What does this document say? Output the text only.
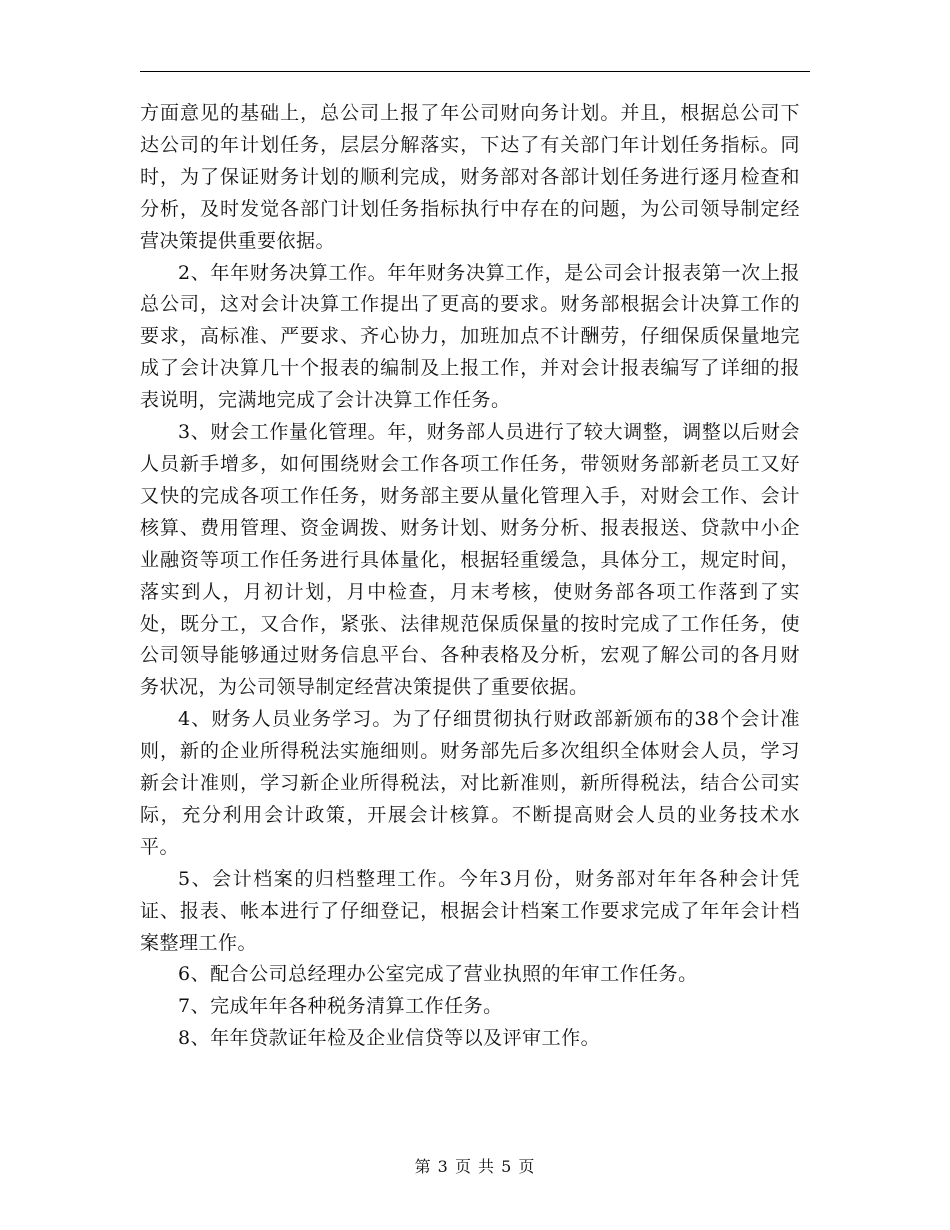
方面意见的基础上，总公司上报了年公司财向务计划。并且，根据总公司下达公司的年计划任务，层层分解落实，下达了有关部门年计划任务指标。同时，为了保证财务计划的顺利完成，财务部对各部计划任务进行逐月检查和分析，及时发觉各部门计划任务指标执行中存在的问题，为公司领导制定经营决策提供重要依据。

2、年年财务决算工作。年年财务决算工作，是公司会计报表第一次上报总公司，这对会计决算工作提出了更高的要求。财务部根据会计决算工作的要求，高标准、严要求、齐心协力，加班加点不计酬劳，仔细保质保量地完成了会计决算几十个报表的编制及上报工作，并对会计报表编写了详细的报表说明，完满地完成了会计决算工作任务。

3、财会工作量化管理。年，财务部人员进行了较大调整，调整以后财会人员新手增多，如何围绕财会工作各项工作任务，带领财务部新老员工又好又快的完成各项工作任务，财务部主要从量化管理入手，对财会工作、会计核算、费用管理、资金调拨、财务计划、财务分析、报表报送、贷款中小企业融资等项工作任务进行具体量化，根据轻重缓急，具体分工，规定时间，落实到人，月初计划，月中检查，月末考核，使财务部各项工作落到了实处，既分工，又合作，紧张、法律规范保质保量的按时完成了工作任务，使公司领导能够通过财务信息平台、各种表格及分析，宏观了解公司的各月财务状况，为公司领导制定经营决策提供了重要依据。

4、财务人员业务学习。为了仔细贯彻执行财政部新颁布的38个会计准则，新的企业所得税法实施细则。财务部先后多次组织全体财会人员，学习新会计准则，学习新企业所得税法，对比新准则，新所得税法，结合公司实际，充分利用会计政策，开展会计核算。不断提高财会人员的业务技术水平。

5、会计档案的归档整理工作。今年3月份，财务部对年年各种会计凭证、报表、帐本进行了仔细登记，根据会计档案工作要求完成了年年会计档案整理工作。

6、配合公司总经理办公室完成了营业执照的年审工作任务。

7、完成年年各种税务清算工作任务。

8、年年贷款证年检及企业信贷等以及评审工作。

第 3 页 共 5 页
